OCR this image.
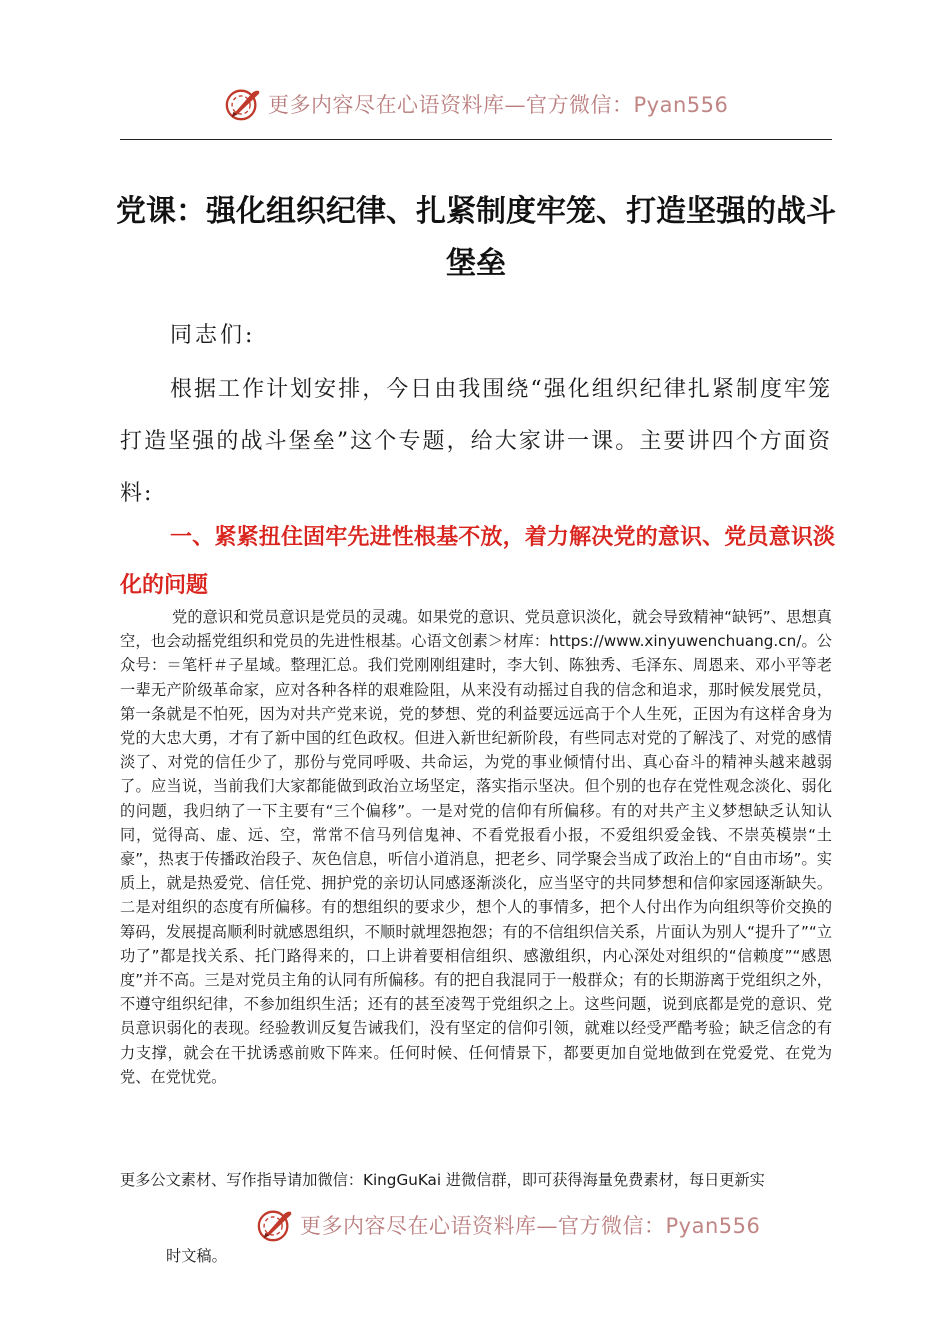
更多内容尽在心语资料库—官方微信：Pyan556
党课：强化组织纪律、扎紧制度牢笼、打造坚强的战斗堡垒

同志们:

根据工作计划安排，今日由我围绕“强化组织纪律扎紧制度牢笼打造坚强的战斗堡垒”这个专题，给大家讲一课。主要讲四个方面资料:

一、紧紧扭住固牢先进性根基不放，着力解决党的意识、党员意识淡化的问题

党的意识和党员意识是党员的灵魂。如果党的意识、党员意识淡化，就会导致精神“缺钙”、思想真空，也会动摇党组织和党员的先进性根基。心语文创素＞材库：https://www.xinyuwenchuang.cn/。公众号：＝笔杆＃子星域。整理汇总。我们党刚刚组建时，李大钊、陈独秀、毛泽东、周恩来、邓小平等老一辈无产阶级革命家，应对各种各样的艰难险阻，从来没有动摇过自我的信念和追求，那时候发展党员，第一条就是不怕死，因为对共产党来说，党的梦想、党的利益要远远高于个人生死，正因为有这样舍身为党的大忠大勇，才有了新中国的红色政权。但进入新世纪新阶段，有些同志对党的了解浅了、对党的感情淡了、对党的信任少了，那份与党同呼吸、共命运，为党的事业倾情付出、真心奋斗的精神头越来越弱了。应当说，当前我们大家都能做到政治立场坚定，落实指示坚决。但个别的也存在党性观念淡化、弱化的问题，我归纳了一下主要有“三个偏移”。一是对党的信仰有所偏移。有的对共产主义梦想缺乏认知认同，觉得高、虚、远、空，常常不信马列信鬼神、不看党报看小报，不爱组织爱金钱、不崇英模崇“土豪”，热衷于传播政治段子、灰色信息，听信小道消息，把老乡、同学聚会当成了政治上的“自由市场”。实质上，就是热爱党、信任党、拥护党的亲切认同感逐渐淡化，应当坚守的共同梦想和信仰家园逐渐缺失。二是对组织的态度有所偏移。有的想组织的要求少，想个人的事情多，把个人付出作为向组织等价交换的筹码，发展提高顺利时就感恩组织，不顺时就埋怨抱怨；有的不信组织信关系，片面认为别人“提升了”“立功了”都是找关系、托门路得来的，口上讲着要相信组织、感激组织，内心深处对组织的“信赖度”“感恩度”并不高。三是对党员主角的认同有所偏移。有的把自我混同于一般群众；有的长期游离于党组织之外，不遵守组织纪律，不参加组织生活；还有的甚至凌驾于党组织之上。这些问题，说到底都是党的意识、党员意识弱化的表现。经验教训反复告诫我们，没有坚定的信仰引领，就难以经受严酷考验；缺乏信念的有力支撑，就会在干扰诱惑前败下阵来。任何时候、任何情景下，都要更加自觉地做到在党爱党、在党为党、在党忧党。

更多公文素材、写作指导请加微信：KingGuKai 进微信群，即可获得海量免费素材，每日更新实

更多内容尽在心语资料库—官方微信：Pyan556

时文稿。
